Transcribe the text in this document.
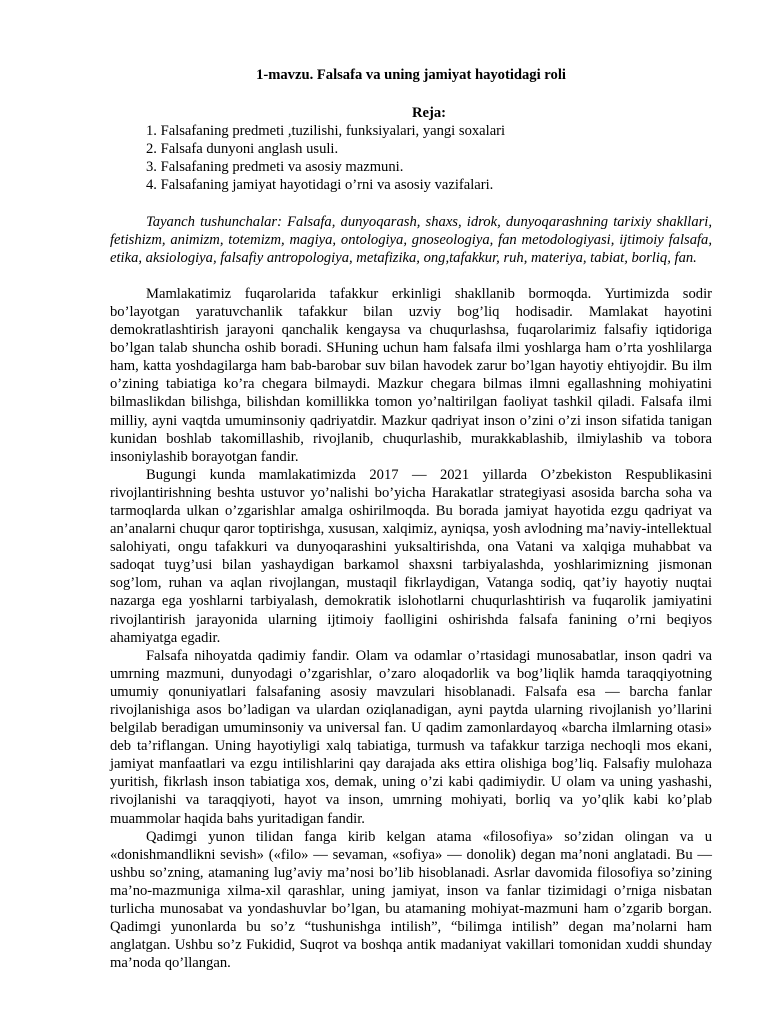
1-mavzu. Falsafa va uning jamiyat hayotidagi roli

Reja:

1. Falsafaning predmeti ,tuzilishi, funksiyalari, yangi soxalari
2. Falsafa dunyoni anglash usuli.
3. Falsafaning predmeti va asosiy mazmuni.
4. Falsafaning jamiyat hayotidagi o’rni va asosiy vazifalari.

Tayanch tushunchalar: Falsafa, dunyoqarash, shaxs, idrok, dunyoqarashning tarixiy shakllari, fetishizm, animizm, totemizm, magiya, ontologiya, gnoseologiya, fan metodologiyasi, ijtimoiy falsafa, etika, aksiologiya, falsafiy antropologiya, metafizika, ong,tafakkur, ruh, materiya, tabiat, borliq, fan.

Mamlakatimiz fuqarolarida tafakkur erkinligi shakllanib bormoqda. Yurtimizda sodir bo’layotgan yaratuvchanlik tafakkur bilan uzviy bog’liq hodisadir. Mamlakat hayotini demokratlashtirish jarayoni qanchalik kengaysa va chuqurlashsa, fuqarolarimiz falsafiy iqtidoriga bo’lgan talab shuncha oshib boradi. SHuning uchun ham falsafa ilmi yoshlarga ham o’rta yoshlilarga ham, katta yoshdagilarga ham bab-barobar suv bilan havodek zarur bo’lgan hayotiy ehtiyojdir. Bu ilm o’zining tabiatiga ko’ra chegara bilmaydi. Mazkur chegara bilmas ilmni egallashning mohiyatini bilmaslikdan bilishga, bilishdan komillikka tomon yo’naltirilgan faoliyat tashkil qiladi. Falsafa ilmi milliy, ayni vaqtda umuminsoniy qadriyatdir. Mazkur qadriyat inson o’zini o’zi inson sifatida tanigan kunidan boshlab takomillashib, rivojlanib, chuqurlashib, murakkablashib, ilmiylashib va tobora insoniylashib borayotgan fandir.

Bugungi kunda mamlakatimizda 2017 — 2021 yillarda O’zbekiston Respublikasini rivojlantirishning beshta ustuvor yo’nalishi bo’yicha Harakatlar strategiyasi asosida barcha soha va tarmoqlarda ulkan o’zgarishlar amalga oshirilmoqda. Bu borada jamiyat hayotida ezgu qadriyat va an’analarni chuqur qaror toptirishga, xususan, xalqimiz, ayniqsa, yosh avlodning ma’naviy-intellektual salohiyati, ongu tafakkuri va dunyoqarashini yuksaltirishda, ona Vatani va xalqiga muhabbat va sadoqat tuyg’usi bilan yashaydigan barkamol shaxsni tarbiyalashda, yoshlarimizning jismonan sog’lom, ruhan va aqlan rivojlangan, mustaqil fikrlaydigan, Vatanga sodiq, qat’iy hayotiy nuqtai nazarga ega yoshlarni tarbiyalash, demokratik islohotlarni chuqurlashtirish va fuqarolik jamiyatini rivojlantirish jarayonida ularning ijtimoiy faolligini oshirishda falsafa fanining o’rni beqiyos ahamiyatga egadir.

Falsafa nihoyatda qadimiy fandir. Olam va odamlar o’rtasidagi munosabatlar, inson qadri va umrning mazmuni, dunyodagi o’zgarishlar, o’zaro aloqadorlik va bog’liqlik hamda taraqqiyotning umumiy qonuniyatlari falsafaning asosiy mavzulari hisoblanadi. Falsafa esa — barcha fanlar rivojlanishiga asos bo’ladigan va ulardan oziqlanadigan, ayni paytda ularning rivojlanish yo’llarini belgilab beradigan umuminsoniy va universal fan. U qadim zamonlardayoq «barcha ilmlarning otasi» deb ta’riflangan. Uning hayotiyligi xalq tabiatiga, turmush va tafakkur tarziga nechoqli mos ekani, jamiyat manfaatlari va ezgu intilishlarini qay darajada aks ettira olishiga bog’liq. Falsafiy mulohaza yuritish, fikrlash inson tabiatiga xos, demak, uning o’zi kabi qadimiydir. U olam va uning yashashi, rivojlanishi va taraqqiyoti, hayot va inson, umrning mohiyati, borliq va yo’qlik kabi ko’plab muammolar haqida bahs yuritadigan fandir.

Qadimgi yunon tilidan fanga kirib kelgan atama «filosofiya» so’zidan olingan va u «donishmandlikni sevish» («filo» — sevaman, «sofiya» — donolik) degan ma’noni anglatadi. Bu — ushbu so’zning, atamaning lug’aviy ma’nosi bo’lib hisoblanadi. Asrlar davomida filosofiya so’zining ma’no-mazmuniga xilma-xil qarashlar, uning jamiyat, inson va fanlar tizimidagi o’rniga nisbatan turlicha munosabat va yondashuvlar bo’lgan, bu atamaning mohiyat-mazmuni ham o’zgarib borgan. Qadimgi yunonlarda bu so’z “tushunishga intilish”, “bilimga intilish” degan ma’nolarni ham anglatgan. Ushbu so’z Fukidid, Suqrot va boshqa antik madaniyat vakillari tomonidan xuddi shunday ma’noda qo’llangan.
